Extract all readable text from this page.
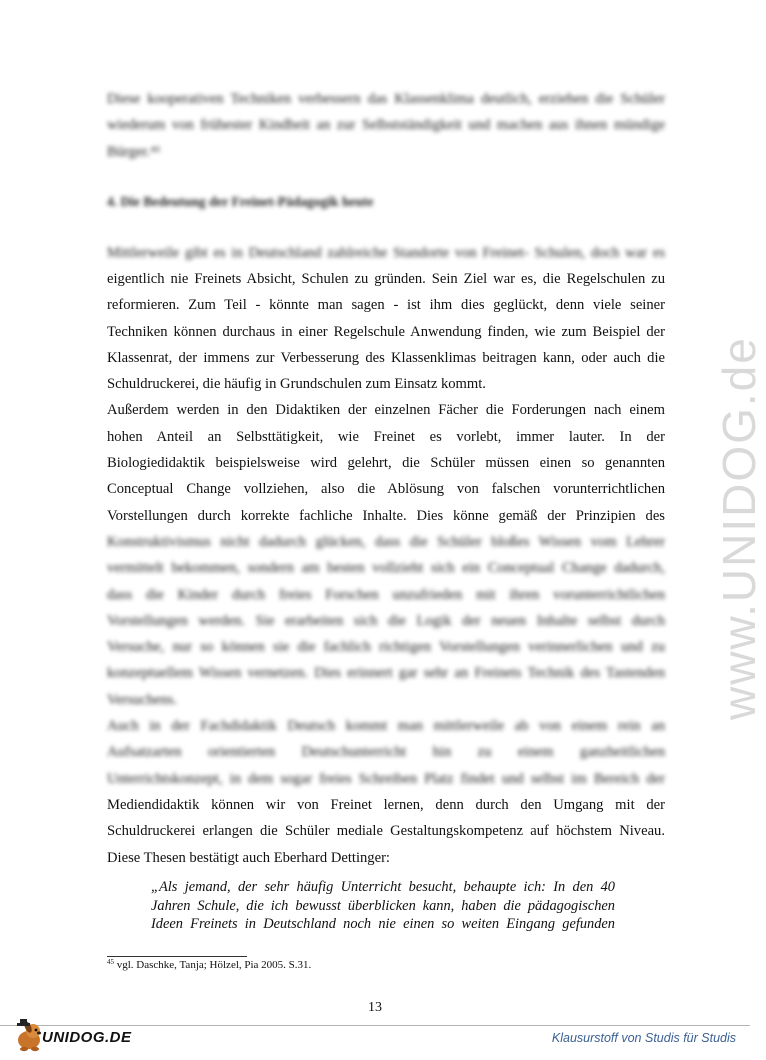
www.UNIDOG.de
Diese kooperativen Techniken verbessern das Klassenklima deutlich, erziehen die Schüler
wiederum von frühester Kindheit an zur Selbstständigkeit und machen aus ihnen mündige
Bürger.⁴⁵
4. Die Bedeutung der Freinet-Pädagogik heute
Mittlerweile gibt es in Deutschland zahlreiche Standorte von Freinet- Schulen, doch war es
eigentlich nie Freinets Absicht, Schulen zu gründen. Sein Ziel war es, die Regelschulen zu
reformieren. Zum Teil - könnte man sagen - ist ihm dies geglückt, denn viele seiner
Techniken können durchaus in einer Regelschule Anwendung finden, wie zum Beispiel der
Klassenrat, der immens zur Verbesserung des Klassenklimas beitragen kann, oder auch die
Schuldruckerei, die häufig in Grundschulen zum Einsatz kommt.
Außerdem werden in den Didaktiken der einzelnen Fächer die Forderungen nach einem
hohen Anteil an Selbsttätigkeit, wie Freinet es vorlebt, immer lauter. In der
Biologiedidaktik beispielsweise wird gelehrt, die Schüler müssen einen so genannten
Conceptual Change vollziehen, also die Ablösung von falschen vorunterrichtlichen
Vorstellungen durch korrekte fachliche Inhalte. Dies könne gemäß der Prinzipien des
Konstruktivismus nicht dadurch glücken, dass die Schüler bloßes Wissen vom Lehrer
vermittelt bekommen, sondern am besten vollzieht sich ein Conceptual Change dadurch,
dass die Kinder durch freies Forschen unzufrieden mit ihren vorunterrichtlichen
Vorstellungen werden. Sie erarbeiten sich die Logik der neuen Inhalte selbst durch
Versuche, nur so können sie die fachlich richtigen Vorstellungen verinnerlichen und zu
konzeptuellem Wissen vernetzen. Dies erinnert gar sehr an Freinets Technik des Tastenden
Versuchens.
Auch in der Fachdidaktik Deutsch kommt man mittlerweile ab von einem rein an
Aufsatzarten orientierten Deutschunterricht hin zu einem ganzheitlichen
Unterrichtskonzept, in dem sogar freies Schreiben Platz findet und selbst im Bereich der
Mediendidaktik können wir von Freinet lernen, denn durch den Umgang mit der
Schuldruckerei erlangen die Schüler mediale Gestaltungskompetenz auf höchstem Niveau.
Diese Thesen bestätigt auch Eberhard Dettinger:
„Als jemand, der sehr häufig Unterricht besucht, behaupte ich: In den 40
Jahren Schule, die ich bewusst überblicken kann, haben die pädagogischen
Ideen Freinets in Deutschland noch nie einen so weiten Eingang gefunden
$^{45}$ vgl. Daschke, Tanja; Hölzel, Pia 2005. S.31.
13
UNIDOG.DE	Klausurstoff von Studis für Studis
